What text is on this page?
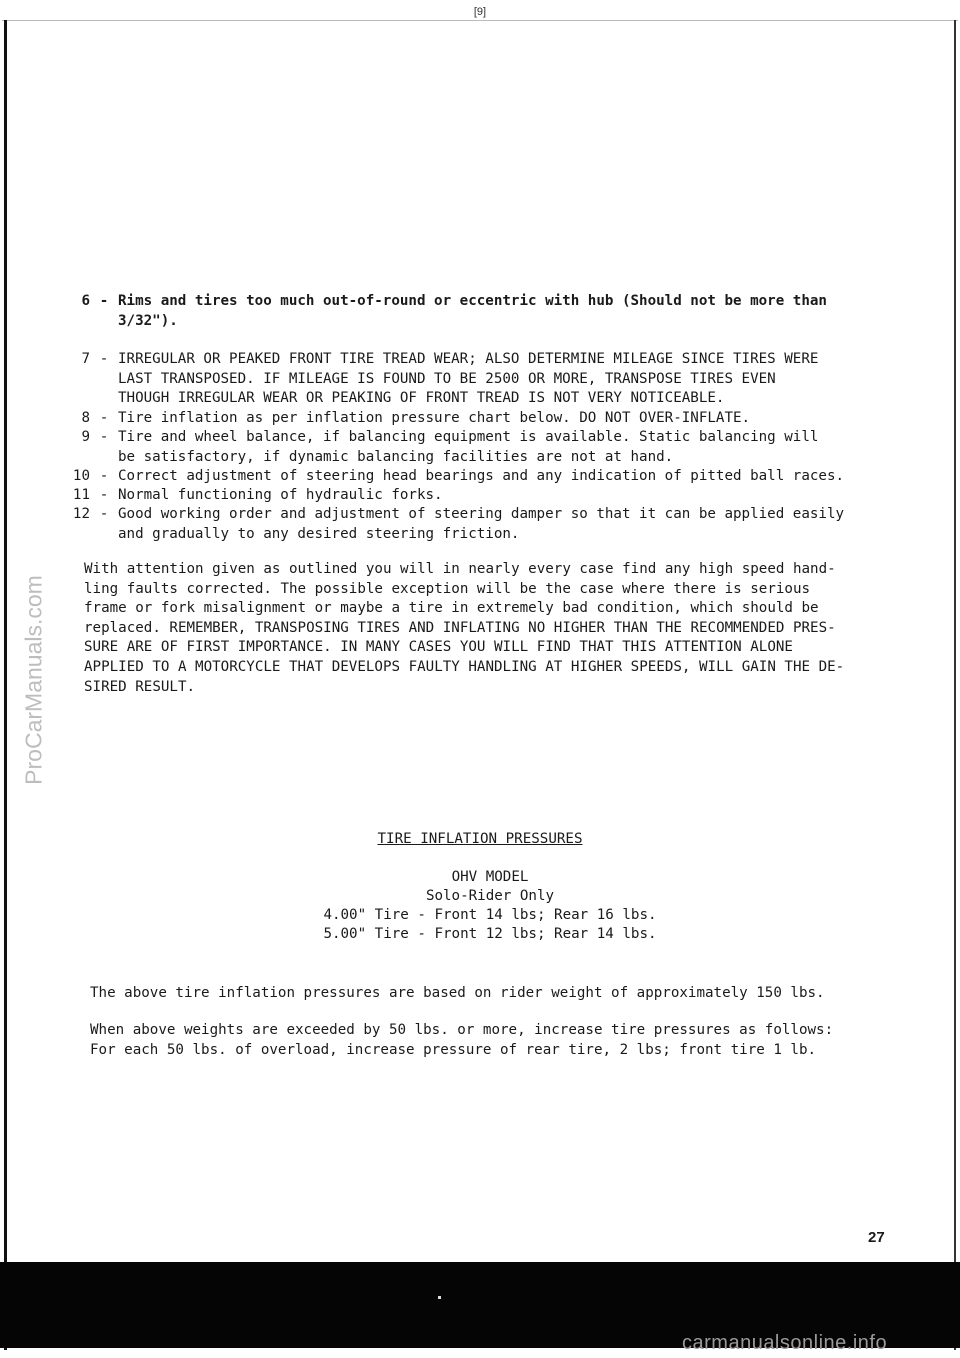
[9]
ProCarManuals.com
6 - Rims and tires too much out-of-round or eccentric with hub (Should not be more than
3/32").
7 - IRREGULAR OR PEAKED FRONT TIRE TREAD WEAR; ALSO DETERMINE MILEAGE SINCE TIRES WERE
LAST TRANSPOSED. IF MILEAGE IS FOUND TO BE 2500 OR MORE, TRANSPOSE TIRES EVEN
THOUGH IRREGULAR WEAR OR PEAKING OF FRONT TREAD IS NOT VERY NOTICEABLE.
8 - Tire inflation as per inflation pressure chart below. DO NOT OVER-INFLATE.
9 - Tire and wheel balance, if balancing equipment is available. Static balancing will
be satisfactory, if dynamic balancing facilities are not at hand.
10 - Correct adjustment of steering head bearings and any indication of pitted ball races.
11 - Normal functioning of hydraulic forks.
12 - Good working order and adjustment of steering damper so that it can be applied easily
and gradually to any desired steering friction.
With attention given as outlined you will in nearly every case find any high speed hand-
ling faults corrected. The possible exception will be the case where there is serious
frame or fork misalignment or maybe a tire in extremely bad condition, which should be
replaced. REMEMBER, TRANSPOSING TIRES AND INFLATING NO HIGHER THAN THE RECOMMENDED PRES-
SURE ARE OF FIRST IMPORTANCE. IN MANY CASES YOU WILL FIND THAT THIS ATTENTION ALONE
APPLIED TO A MOTORCYCLE THAT DEVELOPS FAULTY HANDLING AT HIGHER SPEEDS, WILL GAIN THE DE-
SIRED RESULT.
TIRE INFLATION PRESSURES
OHV MODEL
Solo-Rider Only
4.00" Tire - Front 14 lbs; Rear 16 lbs.
5.00" Tire - Front 12 lbs; Rear 14 lbs.
The above tire inflation pressures are based on rider weight of approximately 150 lbs.
When above weights are exceeded by 50 lbs. or more, increase tire pressures as follows:
For each 50 lbs. of overload, increase pressure of rear tire, 2 lbs; front tire 1 lb.
27
carmanualsonline.info
